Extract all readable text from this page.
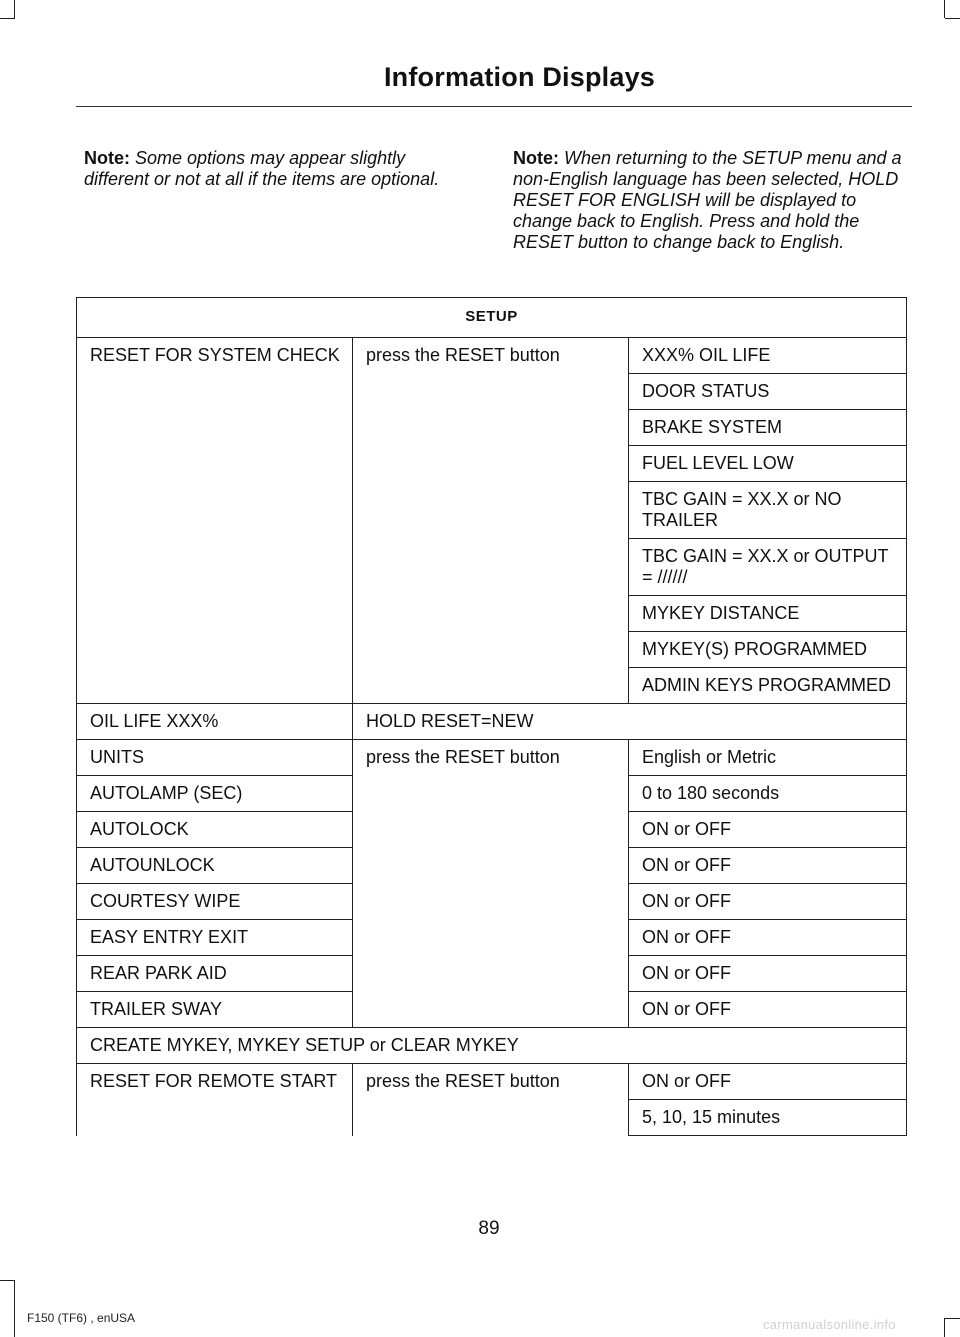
Information Displays
Note: Some options may appear slightly different or not at all if the items are optional.
Note: When returning to the SETUP menu and a non-English language has been selected, HOLD RESET FOR ENGLISH will be displayed to change back to English. Press and hold the RESET button to change back to English.
SETUP		
RESET FOR SYSTEM CHECK	press the RESET button	XXX% OIL LIFE
		DOOR STATUS
		BRAKE SYSTEM
		FUEL LEVEL LOW
		TBC GAIN = XX.X or NO TRAILER
		TBC GAIN = XX.X or OUTPUT = //////
		MYKEY DISTANCE
		MYKEY(S) PROGRAMMED
		ADMIN KEYS PROGRAMMED
OIL LIFE XXX%	HOLD RESET=NEW	
UNITS	press the RESET button	English or Metric
AUTOLAMP (SEC)		0 to 180 seconds
AUTOLOCK		ON or OFF
AUTOUNLOCK		ON or OFF
COURTESY WIPE		ON or OFF
EASY ENTRY EXIT		ON or OFF
REAR PARK AID		ON or OFF
TRAILER SWAY		ON or OFF
CREATE MYKEY, MYKEY SETUP or CLEAR MYKEY		
RESET FOR REMOTE START	press the RESET button	ON or OFF
		5, 10, 15 minutes
89
F150 (TF6) , enUSA	carmanualsonline.info
